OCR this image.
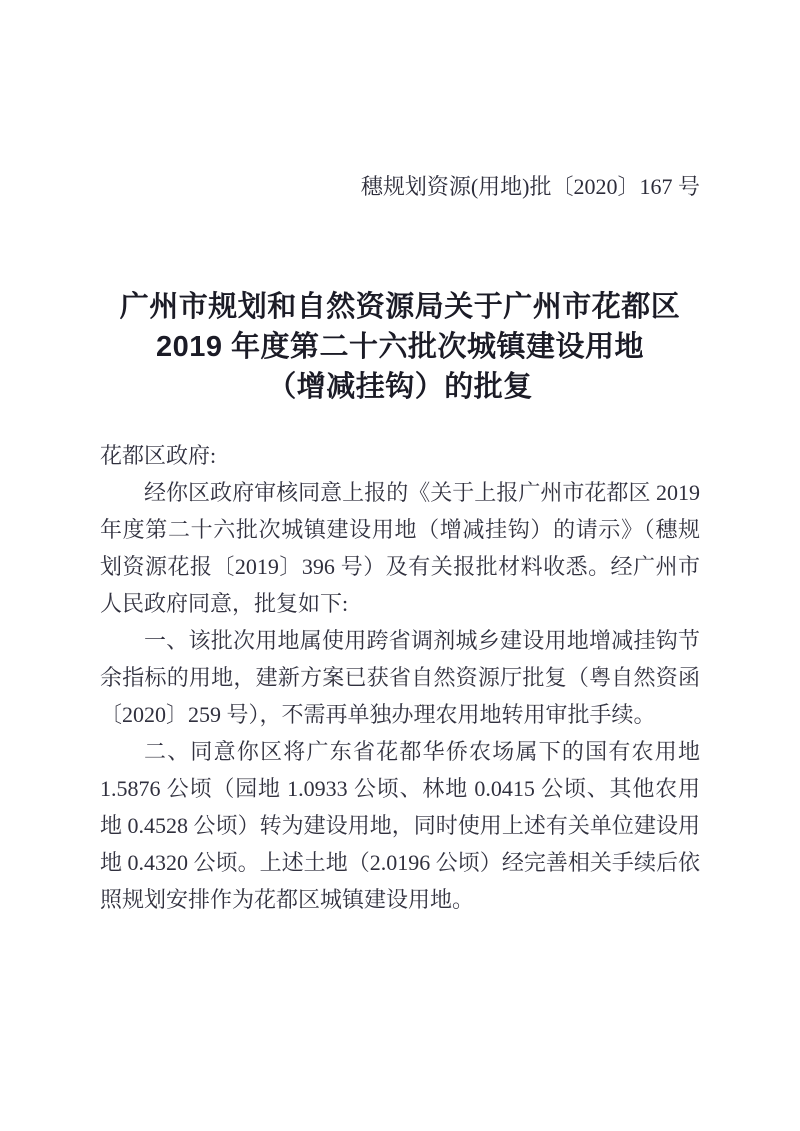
穗规划资源(用地)批〔2020〕167 号
广州市规划和自然资源局关于广州市花都区
2019 年度第二十六批次城镇建设用地
（增减挂钩）的批复
花都区政府:
经你区政府审核同意上报的《关于上报广州市花都区 2019 年度第二十六批次城镇建设用地（增减挂钩）的请示》（穗规划资源花报〔2019〕396 号）及有关报批材料收悉。经广州市人民政府同意，批复如下:
一、该批次用地属使用跨省调剂城乡建设用地增减挂钩节余指标的用地，建新方案已获省自然资源厅批复（粤自然资函〔2020〕259 号），不需再单独办理农用地转用审批手续。
二、同意你区将广东省花都华侨农场属下的国有农用地 1.5876 公顷（园地 1.0933 公顷、林地 0.0415 公顷、其他农用地 0.4528 公顷）转为建设用地，同时使用上述有关单位建设用地 0.4320 公顷。上述土地（2.0196 公顷）经完善相关手续后依照规划安排作为花都区城镇建设用地。
